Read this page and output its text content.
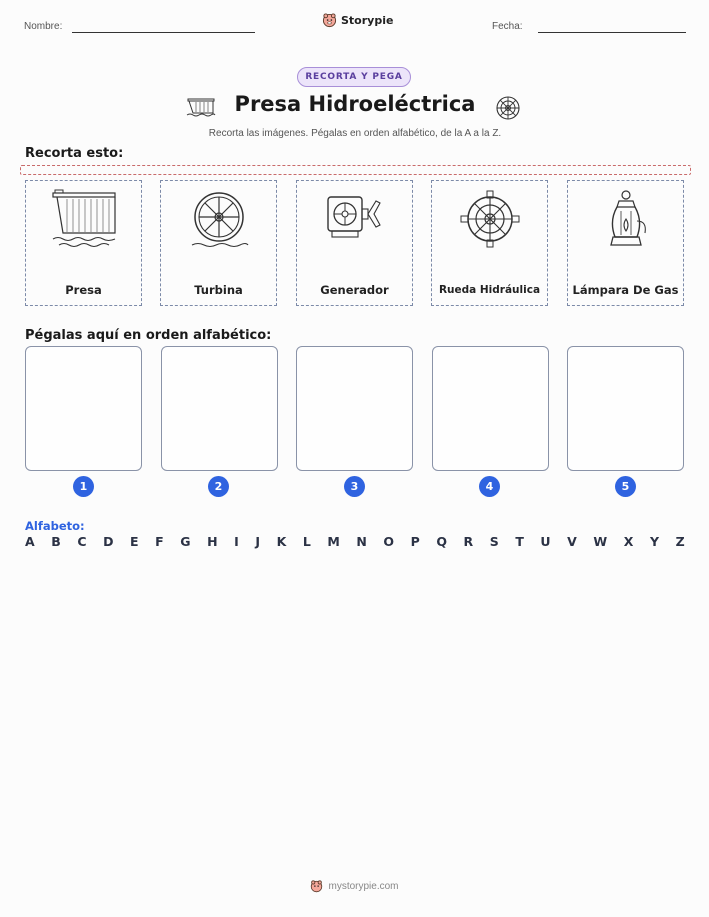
Nombre:	Storypie	Fecha:
RECORTA Y PEGA
Presa Hidroeléctrica
Recorta las imágenes. Pégalas en orden alfabético, de la A a la Z.
Recorta esto:
Presa	Turbina	Generador	Rueda Hidráulica	Lámpara De Gas
Pégalas aquí en orden alfabético:
1	2	3	4	5
Alfabeto:
A B C D E F G H I J K L M N O P Q R S T U V W X Y Z
mystorypie.com
